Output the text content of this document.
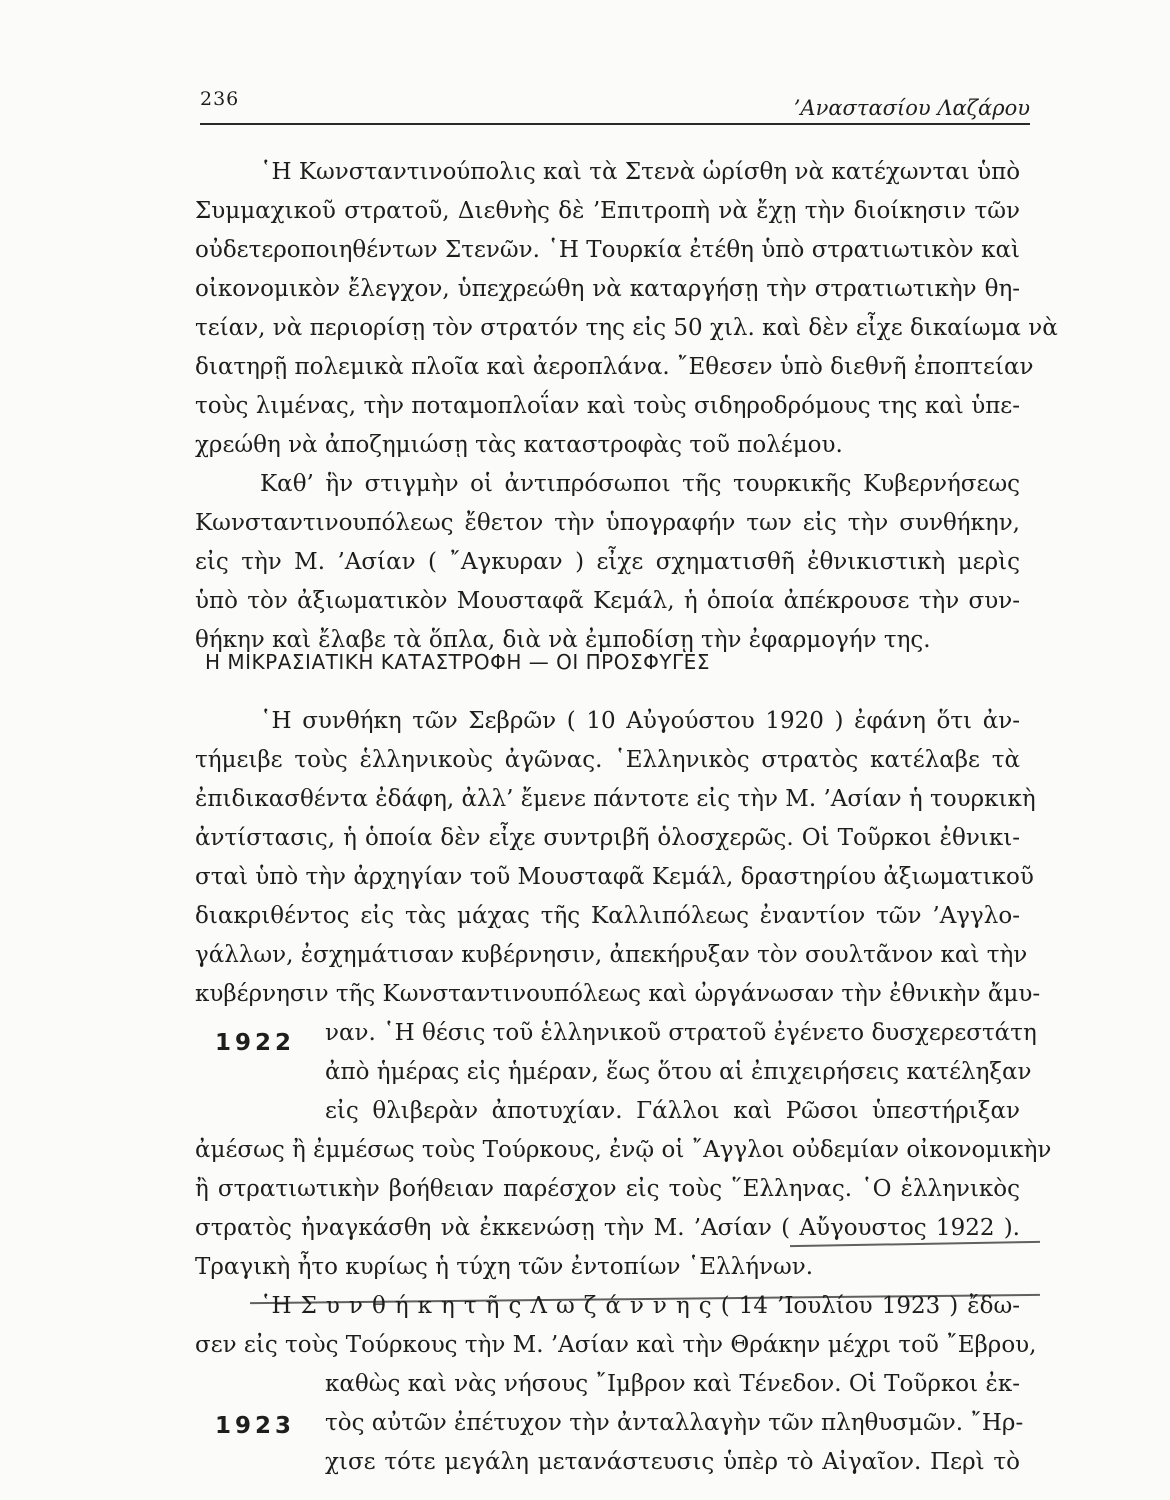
236	’Αναστασίου Λαζάρου
῾Η Κωνσταντινούπολις καὶ τὰ Στενὰ ὡρίσθη νὰ κατέχωνται ὑπὸ
Συμμαχικοῦ στρατοῦ, Διεθνὴς δὲ ’Επιτροπὴ νὰ ἔχῃ τὴν διοίκησιν τῶν
οὐδετεροποιηθέντων Στενῶν. ῾Η Τουρκία ἐτέθη ὑπὸ στρατιωτικὸν καὶ
οἰκονομικὸν ἔλεγχον, ὑπεχρεώθη νὰ καταργήσῃ τὴν στρατιωτικὴν θη-
τείαν, νὰ περιορίσῃ τὸν στρατόν της εἰς 50 χιλ. καὶ δὲν εἶχε δικαίωμα νὰ
διατηρῇ πολεμικὰ πλοῖα καὶ ἀεροπλάνα. ῎Εθεσεν ὑπὸ διεθνῆ ἐποπτείαν
τοὺς λιμένας, τὴν ποταμοπλοΐαν καὶ τοὺς σιδηροδρόμους της καὶ ὑπε-
χρεώθη νὰ ἀποζημιώσῃ τὰς καταστροφὰς τοῦ πολέμου.
Καθ’ ἣν στιγμὴν οἱ ἀντιπρόσωποι τῆς τουρκικῆς Κυβερνήσεως
Κωνσταντινουπόλεως ἔθετον τὴν ὑπογραφήν των εἰς τὴν συνθήκην,
εἰς τὴν Μ. ’Ασίαν ( ῎Αγκυραν ) εἶχε σχηματισθῆ ἐθνικιστικὴ μερὶς
ὑπὸ τὸν ἀξιωματικὸν Μουσταφᾶ Κεμάλ, ἡ ὁποία ἀπέκρουσε τὴν συν-
θήκην καὶ ἔλαβε τὰ ὅπλα, διὰ νὰ ἐμποδίσῃ τὴν ἐφαρμογήν της.
Η ΜΙΚΡΑΣΙΑΤΙΚΗ ΚΑΤΑΣΤΡΟΦΗ — ΟΙ ΠΡΟΣΦΥΓΕΣ
῾Η συνθήκη τῶν Σεβρῶν ( 10 Αὐγούστου 1920 ) ἐφάνη ὅτι ἀν-
τήμειβε τοὺς ἑλληνικοὺς ἀγῶνας. ῾Ελληνικὸς στρατὸς κατέλαβε τὰ
ἐπιδικασθέντα ἐδάφη, ἀλλ’ ἔμενε πάντοτε εἰς τὴν Μ. ’Ασίαν ἡ τουρκικὴ
ἀντίστασις, ἡ ὁποία δὲν εἶχε συντριβῆ ὁλοσχερῶς. Οἱ Τοῦρκοι ἐθνικι-
σταὶ ὑπὸ τὴν ἀρχηγίαν τοῦ Μουσταφᾶ Κεμάλ, δραστηρίου ἀξιωματικοῦ
διακριθέντος εἰς τὰς μάχας τῆς Καλλιπόλεως ἐναντίον τῶν ’Αγγλο-
γάλλων, ἐσχημάτισαν κυβέρνησιν, ἀπεκήρυξαν τὸν σουλτᾶνον καὶ τὴν
κυβέρνησιν τῆς Κωνσταντινουπόλεως καὶ ὠργάνωσαν τὴν ἐθνικὴν ἄμυ-
1922 ναν. ῾Η θέσις τοῦ ἑλληνικοῦ στρατοῦ ἐγένετο δυσχερεστάτη
ἀπὸ ἡμέρας εἰς ἡμέραν, ἕως ὅτου αἱ ἐπιχειρήσεις κατέληξαν
εἰς θλιβερὰν ἀποτυχίαν. Γάλλοι καὶ Ρῶσοι ὑπεστήριξαν
ἀμέσως ἢ ἐμμέσως τοὺς Τούρκους, ἐνῷ οἱ ῎Αγγλοι οὐδεμίαν οἰκονομικὴν
ἢ στρατιωτικὴν βοήθειαν παρέσχον εἰς τοὺς ῞Ελληνας. ῾Ο ἑλληνικὸς
στρατὸς ἠναγκάσθη νὰ ἐκκενώσῃ τὴν Μ. ’Ασίαν ( Αὔγουστος 1922 ).
Τραγικὴ ἦτο κυρίως ἡ τύχη τῶν ἐντοπίων ῾Ελλήνων.
῾Η Σ υ ν θ ή κ η τ ῆ ς Λ ω ζ ά ν ν η ς ( 14 ’Ιουλίου 1923 ) ἔδω-
σεν εἰς τοὺς Τούρκους τὴν Μ. ’Ασίαν καὶ τὴν Θράκην μέχρι τοῦ ῎Εβρου,
1923
καθὼς καὶ νὰς νήσους ῎Ιμβρον καὶ Τένεδον. Οἱ Τοῦρκοι ἐκ-
τὸς αὐτῶν ἐπέτυχον τὴν ἀνταλλαγὴν τῶν πληθυσμῶν. ῎Ηρ-
χισε τότε μεγάλη μετανάστευσις ὑπὲρ τὸ Αἰγαῖον. Περὶ τὸ
